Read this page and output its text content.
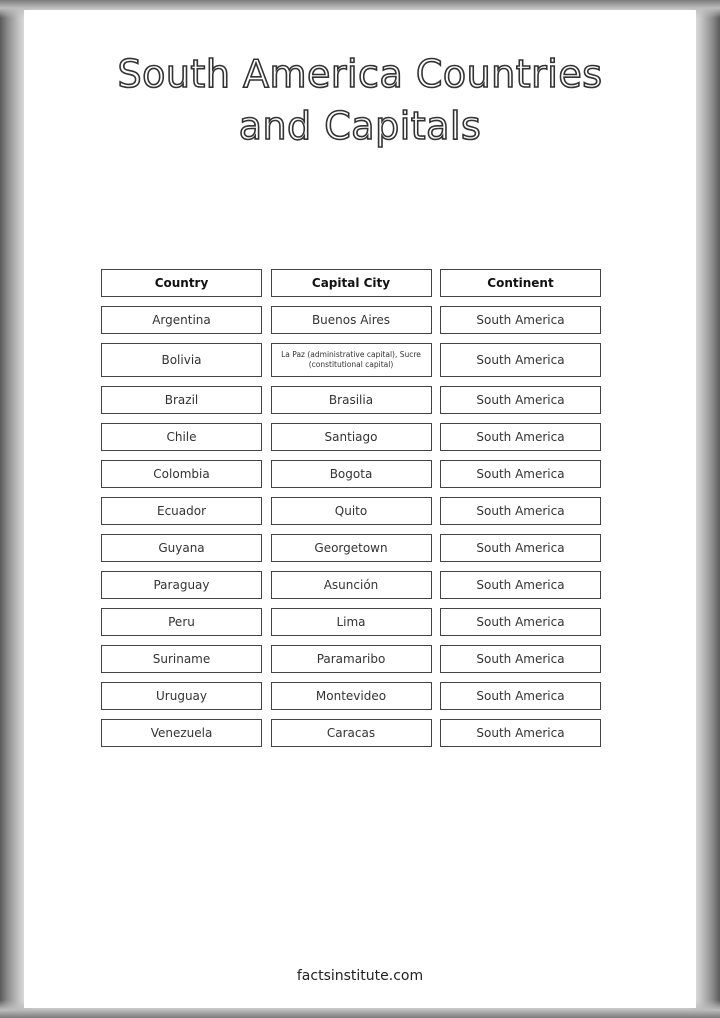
South America Countries
and Capitals
Country	Capital City	Continent
Argentina	Buenos Aires	South America
Bolivia	La Paz (administrative capital), Sucre (constitutional capital)	South America
Brazil	Brasilia	South America
Chile	Santiago	South America
Colombia	Bogota	South America
Ecuador	Quito	South America
Guyana	Georgetown	South America
Paraguay	Asunción	South America
Peru	Lima	South America
Suriname	Paramaribo	South America
Uruguay	Montevideo	South America
Venezuela	Caracas	South America
factsinstitute.com
